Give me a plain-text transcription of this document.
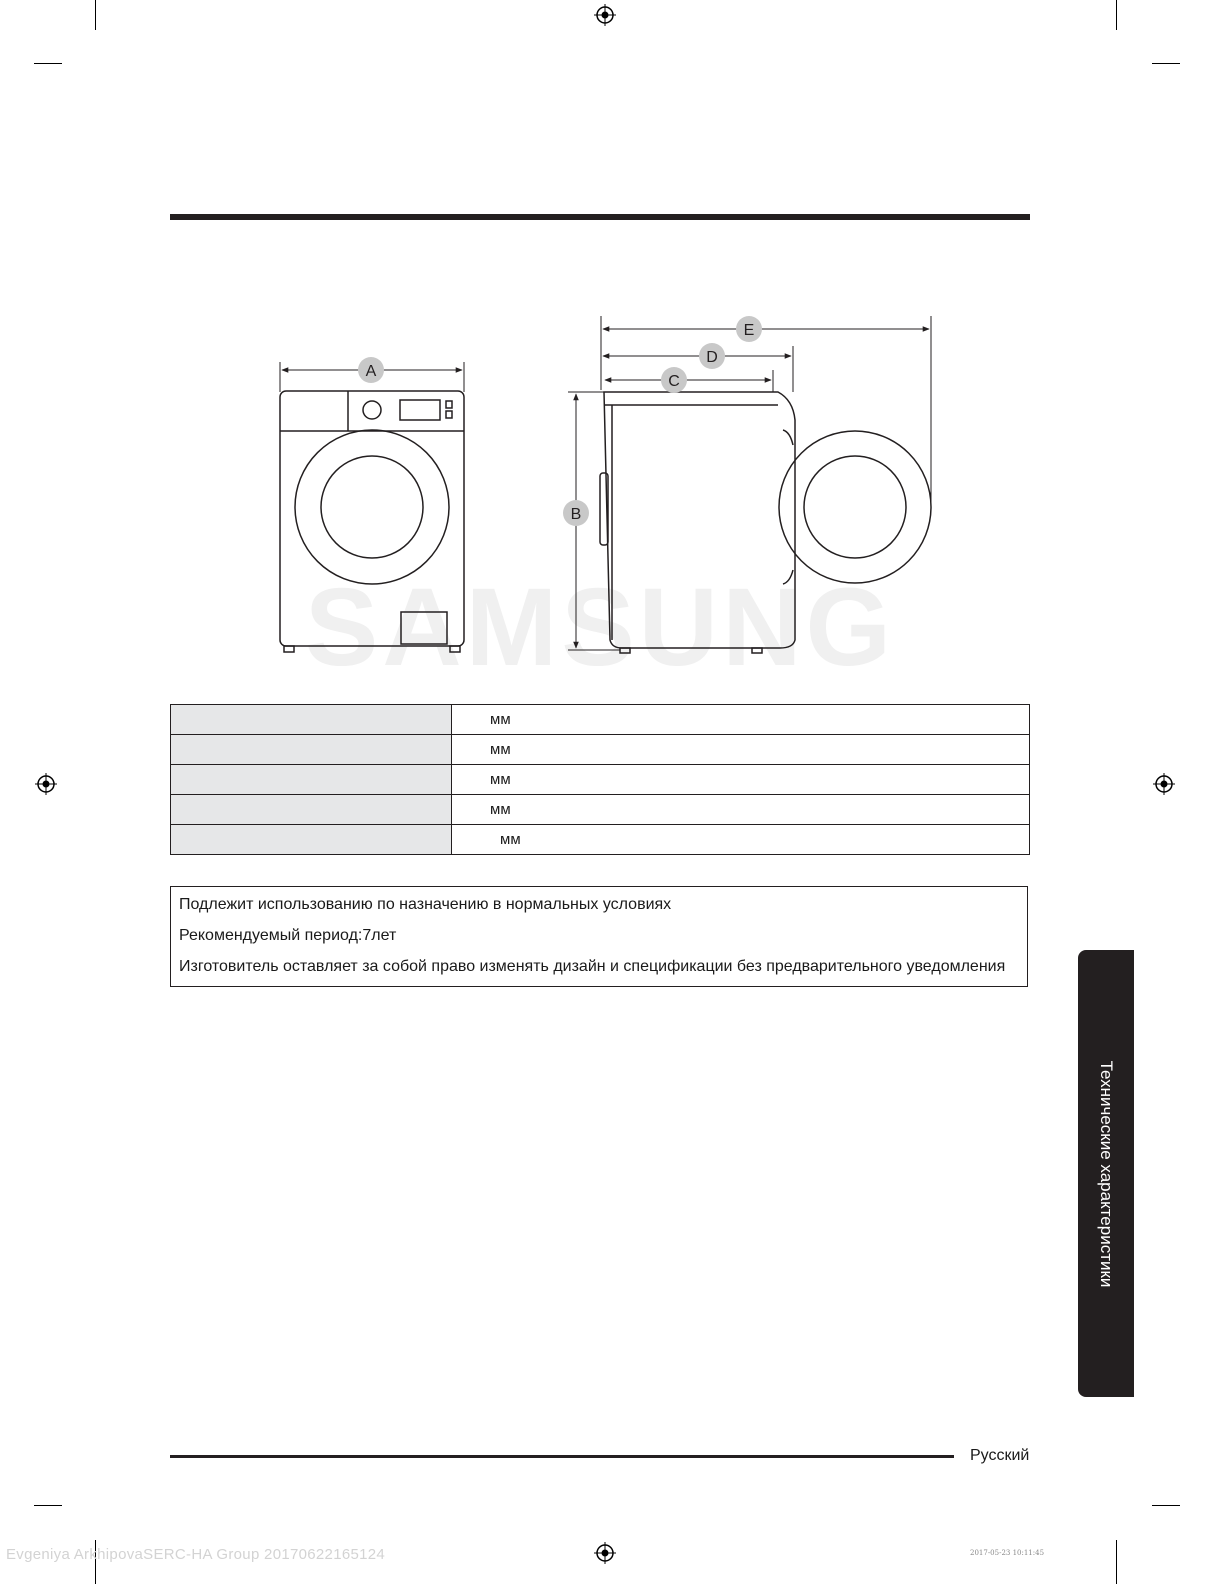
SAMSUNG
A
B
C
D
E
	мм
	мм
	мм
	мм
	мм
Подлежит использованию по назначению в нормальных условиях
Рекомендуемый период:7лет
Изготовитель оставляет за собой право изменять дизайн и спецификации без предварительного уведомления
Технические характеристики
Русский
Evgeniya ArkhipovaSERC-HA Group 20170622165124	2017-05-23 10:11:45
